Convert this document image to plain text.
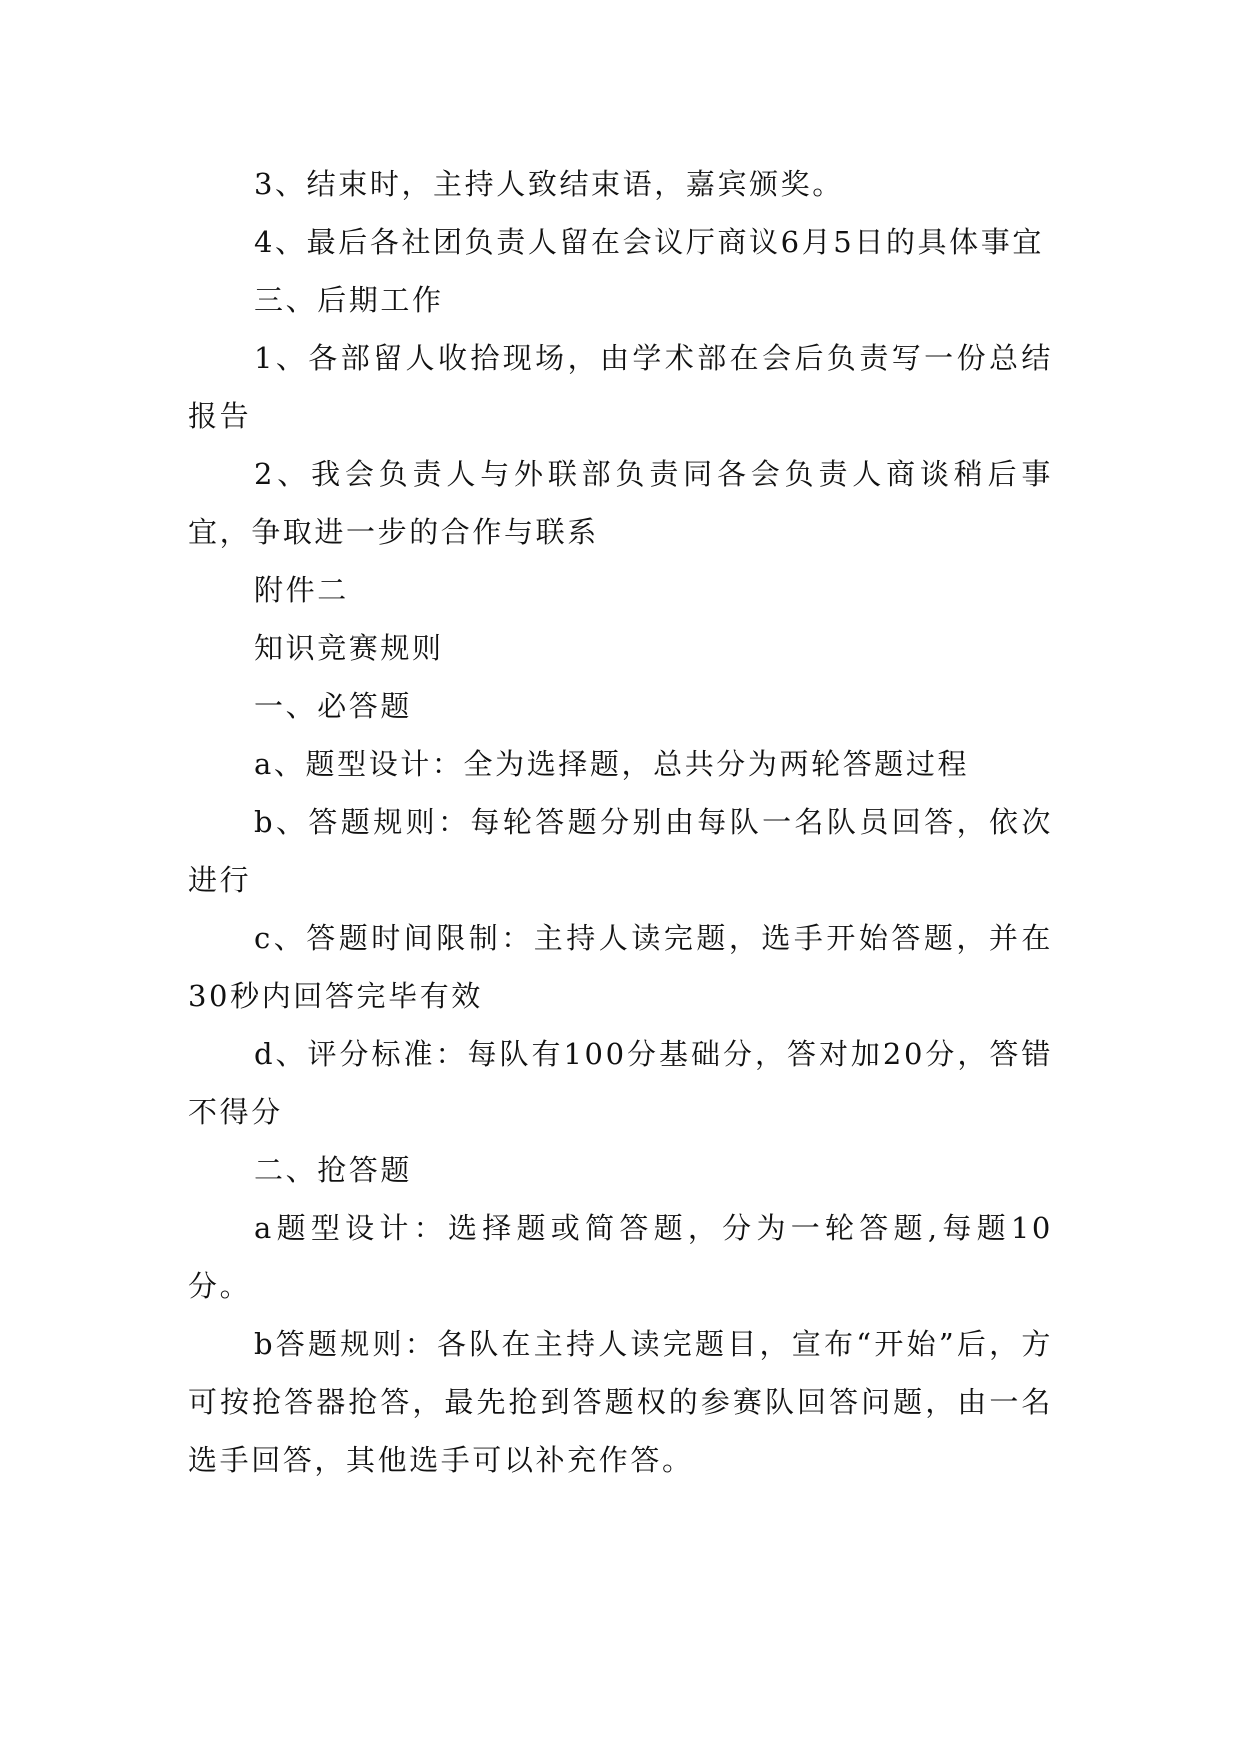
3、结束时，主持人致结束语，嘉宾颁奖。

4、最后各社团负责人留在会议厅商议6月5日的具体事宜

三、后期工作

1、各部留人收拾现场，由学术部在会后负责写一份总结报告

2、我会负责人与外联部负责同各会负责人商谈稍后事宜，争取进一步的合作与联系

附件二

知识竞赛规则

一、必答题

a、题型设计：全为选择题，总共分为两轮答题过程

b、答题规则：每轮答题分别由每队一名队员回答，依次进行

c、答题时间限制：主持人读完题，选手开始答题，并在30秒内回答完毕有效

d、评分标准：每队有100分基础分，答对加20分，答错不得分

二、抢答题

a题型设计：选择题或简答题，分为一轮答题,每题10分。

b答题规则：各队在主持人读完题目，宣布“开始”后，方可按抢答器抢答，最先抢到答题权的参赛队回答问题，由一名选手回答，其他选手可以补充作答。
